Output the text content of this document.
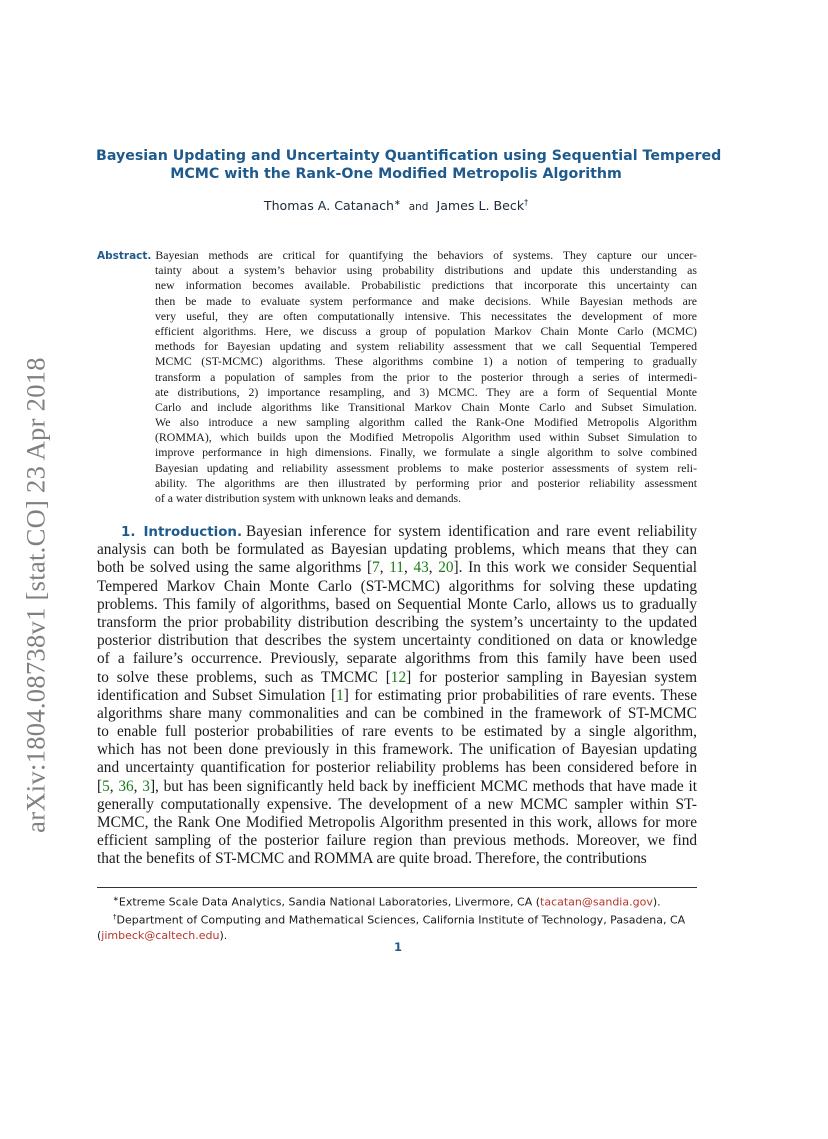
arXiv:1804.08738v1 [stat.CO] 23 Apr 2018
Bayesian Updating and Uncertainty Quantification using Sequential Tempered
MCMC with the Rank-One Modified Metropolis Algorithm
Thomas A. Catanach∗ and James L. Beck†
Abstract. Bayesian methods are critical for quantifying the behaviors of systems. They capture our uncer-
tainty about a system’s behavior using probability distributions and update this understanding as
new information becomes available. Probabilistic predictions that incorporate this uncertainty can
then be made to evaluate system performance and make decisions. While Bayesian methods are
very useful, they are often computationally intensive. This necessitates the development of more
efficient algorithms. Here, we discuss a group of population Markov Chain Monte Carlo (MCMC)
methods for Bayesian updating and system reliability assessment that we call Sequential Tempered
MCMC (ST-MCMC) algorithms. These algorithms combine 1) a notion of tempering to gradually
transform a population of samples from the prior to the posterior through a series of intermedi-
ate distributions, 2) importance resampling, and 3) MCMC. They are a form of Sequential Monte
Carlo and include algorithms like Transitional Markov Chain Monte Carlo and Subset Simulation.
We also introduce a new sampling algorithm called the Rank-One Modified Metropolis Algorithm
(ROMMA), which builds upon the Modified Metropolis Algorithm used within Subset Simulation to
improve performance in high dimensions. Finally, we formulate a single algorithm to solve combined
Bayesian updating and reliability assessment problems to make posterior assessments of system reli-
ability. The algorithms are then illustrated by performing prior and posterior reliability assessment
of a water distribution system with unknown leaks and demands.
1. Introduction. Bayesian inference for system identification and rare event reliability
analysis can both be formulated as Bayesian updating problems, which means that they can
both be solved using the same algorithms [7, 11, 43, 20]. In this work we consider Sequential
Tempered Markov Chain Monte Carlo (ST-MCMC) algorithms for solving these updating
problems. This family of algorithms, based on Sequential Monte Carlo, allows us to gradually
transform the prior probability distribution describing the system’s uncertainty to the updated
posterior distribution that describes the system uncertainty conditioned on data or knowledge
of a failure’s occurrence. Previously, separate algorithms from this family have been used
to solve these problems, such as TMCMC [12] for posterior sampling in Bayesian system
identification and Subset Simulation [1] for estimating prior probabilities of rare events. These
algorithms share many commonalities and can be combined in the framework of ST-MCMC
to enable full posterior probabilities of rare events to be estimated by a single algorithm,
which has not been done previously in this framework. The unification of Bayesian updating
and uncertainty quantification for posterior reliability problems has been considered before in
[5, 36, 3], but has been significantly held back by inefficient MCMC methods that have made it
generally computationally expensive. The development of a new MCMC sampler within ST-
MCMC, the Rank One Modified Metropolis Algorithm presented in this work, allows for more
efficient sampling of the posterior failure region than previous methods. Moreover, we find
that the benefits of ST-MCMC and ROMMA are quite broad. Therefore, the contributions
∗Extreme Scale Data Analytics, Sandia National Laboratories, Livermore, CA (tacatan@sandia.gov).
†Department of Computing and Mathematical Sciences, California Institute of Technology, Pasadena, CA
(jimbeck@caltech.edu).
1
